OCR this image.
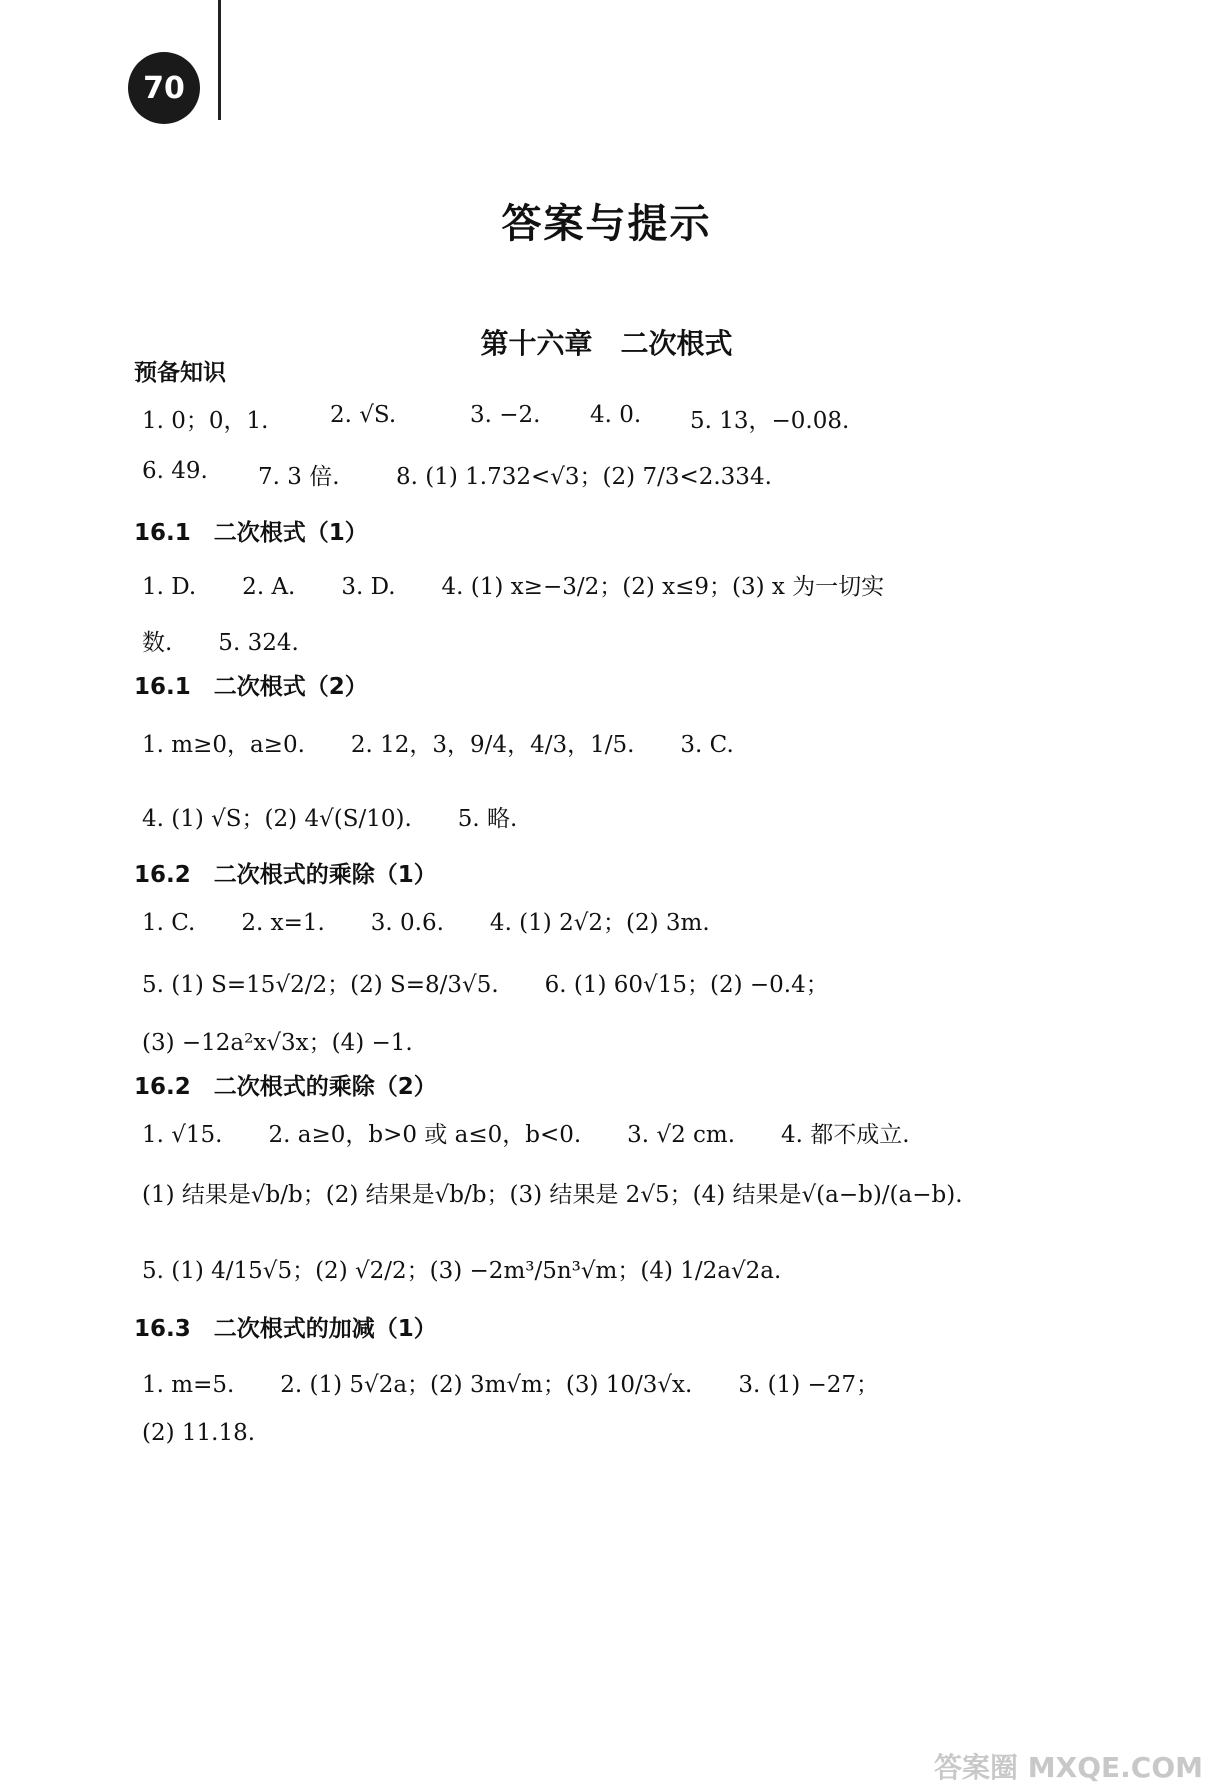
70
答案与提示
第十六章　二次根式
预备知识
1. 0；0，1.	2. √S.	3. −2. 4. 0. 5. 13，−0.08.
6. 49. 7. 3 倍. 8. (1) 1.732<√3；(2) 7/3<2.334.
16.1　二次根式（1）
1. D.　　2. A.　　3. D.　　4. (1) x≥−3/2；(2) x≤9；(3) x 为一切实
数.　　5. 324.
16.1　二次根式（2）
1. m≥0，a≥0.　　2. 12，3，9/4，4/3，1/5.　　3. C.
4. (1) √S；(2) 4√(S/10).　　5. 略.
16.2　二次根式的乘除（1）
1. C.　　2. x=1.　　3. 0.6.　　4. (1) 2√2；(2) 3m.
5. (1) S=15√2/2；(2) S=8/3√5.　　6. (1) 60√15；(2) −0.4；
(3) −12a²x√3x；(4) −1.
16.2　二次根式的乘除（2）
1. √15.　　2. a≥0，b>0 或 a≤0，b<0.　　3. √2 cm.　　4. 都不成立.
(1) 结果是√b/b；(2) 结果是√b/b；(3) 结果是 2√5；(4) 结果是√(a−b)/(a−b).
5. (1) 4/15√5；(2) √2/2；(3) −2m³/5n³√m；(4) 1/2a√2a.
16.3　二次根式的加减（1）
1. m=5.　　2. (1) 5√2a；(2) 3m√m；(3) 10/3√x.　　3. (1) −27；
(2) 11.18.
答案圈 MXQE.COM
